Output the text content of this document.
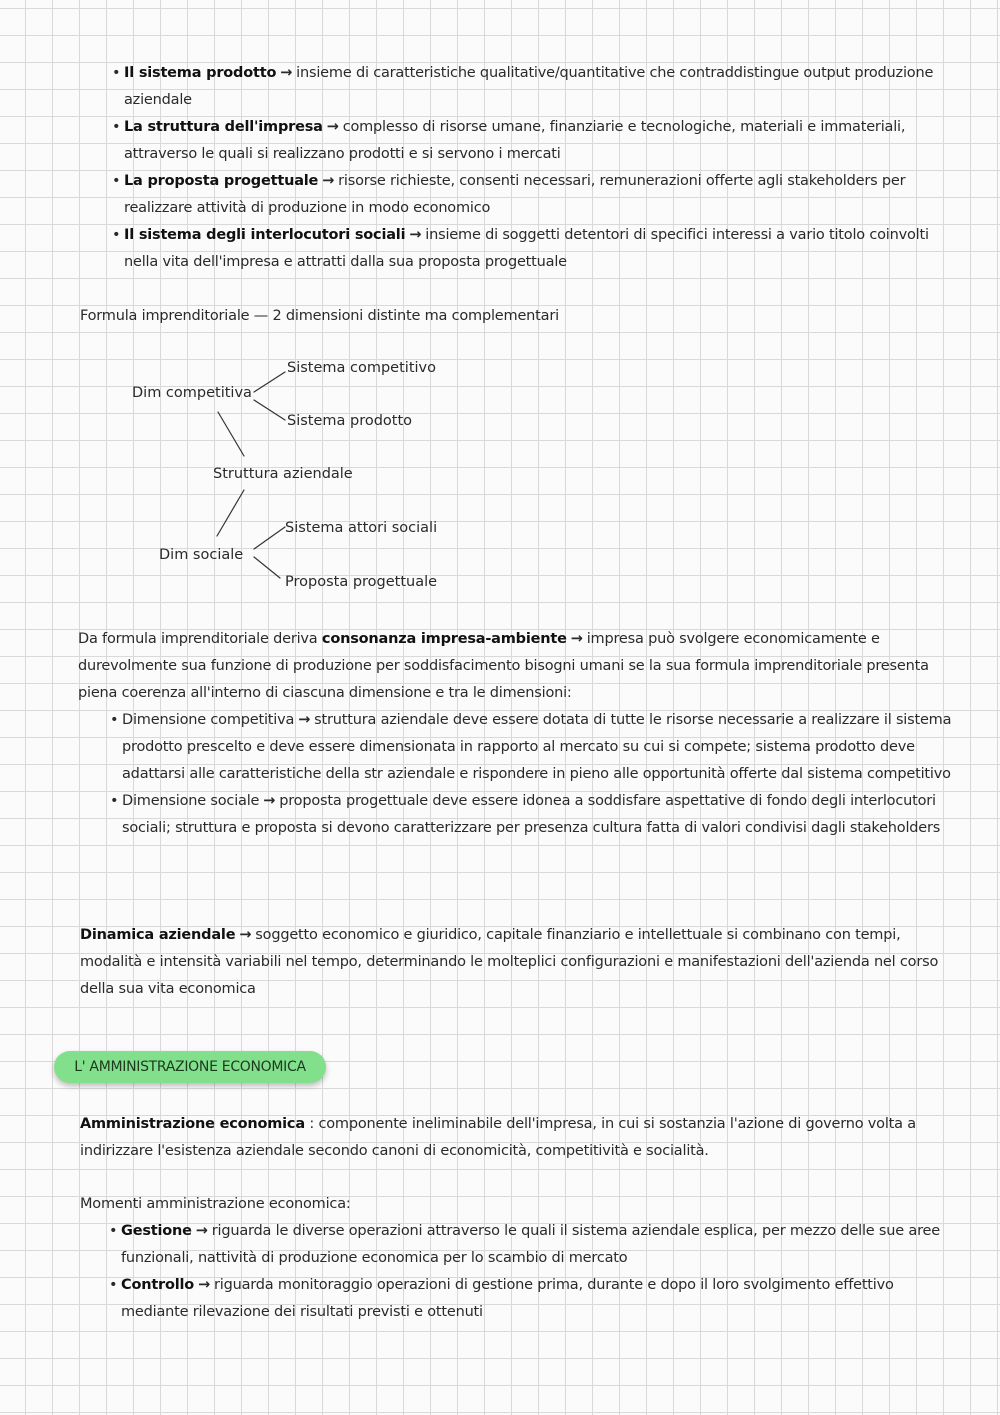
• Il sistema prodotto → insieme di caratteristiche qualitative/quantitative che contraddistingue output produzione aziendale
• La struttura dell'impresa → complesso di risorse umane, finanziarie e tecnologiche, materiali e immateriali, attraverso le quali si realizzano prodotti e si servono i mercati
• La proposta progettuale → risorse richieste, consenti necessari, remunerazioni offerte agli stakeholders per realizzare attività di produzione in modo economico
• Il sistema degli interlocutori sociali → insieme di soggetti detentori di specifici interessi a vario titolo coinvolti nella vita dell'impresa e attratti dalla sua proposta progettuale

Formula imprenditoriale — 2 dimensioni distinte ma complementari

Dim competitiva
Sistema competitivo
Sistema prodotto
Struttura aziendale
Dim sociale
Sistema attori sociali
Proposta progettuale

Da formula imprenditoriale deriva consonanza impresa-ambiente → impresa può svolgere economicamente e durevolmente sua funzione di produzione per soddisfacimento bisogni umani se la sua formula imprenditoriale presenta piena coerenza all'interno di ciascuna dimensione e tra le dimensioni:

• Dimensione competitiva → struttura aziendale deve essere dotata di tutte le risorse necessarie a realizzare il sistema prodotto prescelto e deve essere dimensionata in rapporto al mercato su cui si compete; sistema prodotto deve adattarsi alle caratteristiche della str aziendale e rispondere in pieno alle opportunità offerte dal sistema competitivo
• Dimensione sociale → proposta progettuale deve essere idonea a soddisfare aspettative di fondo degli interlocutori sociali; struttura e proposta si devono caratterizzare per presenza cultura fatta di valori condivisi dagli stakeholders

Dinamica aziendale → soggetto economico e giuridico, capitale finanziario e intellettuale si combinano con tempi, modalità e intensità variabili nel tempo, determinando le molteplici configurazioni e manifestazioni dell'azienda nel corso della sua vita economica

L' AMMINISTRAZIONE ECONOMICA

Amministrazione economica : componente ineliminabile dell'impresa, in cui si sostanzia l'azione di governo volta a indirizzare l'esistenza aziendale secondo canoni di economicità, competitività e socialità.

Momenti amministrazione economica:

• Gestione → riguarda le diverse operazioni attraverso le quali il sistema aziendale esplica, per mezzo delle sue aree funzionali, nattività di produzione economica per lo scambio di mercato
• Controllo → riguarda monitoraggio operazioni di gestione prima, durante e dopo il loro svolgimento effettivo mediante rilevazione dei risultati previsti e ottenuti
